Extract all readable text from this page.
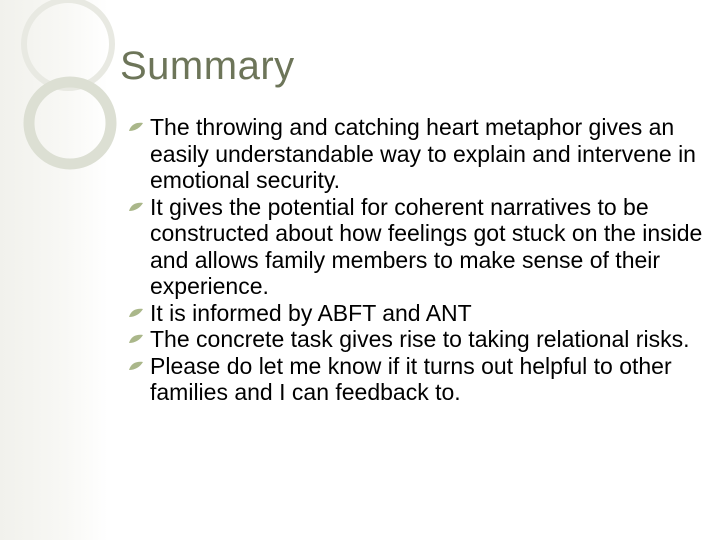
Summary
The throwing and catching heart metaphor gives an easily understandable way to explain and intervene in emotional security.
It gives the potential for coherent narratives to be constructed about how feelings got stuck on the inside and allows family members to make sense of their experience.
It is informed by ABFT and ANT
The concrete task gives rise to taking relational risks.
Please do let me know if it turns out helpful to other families and I can feedback to.
